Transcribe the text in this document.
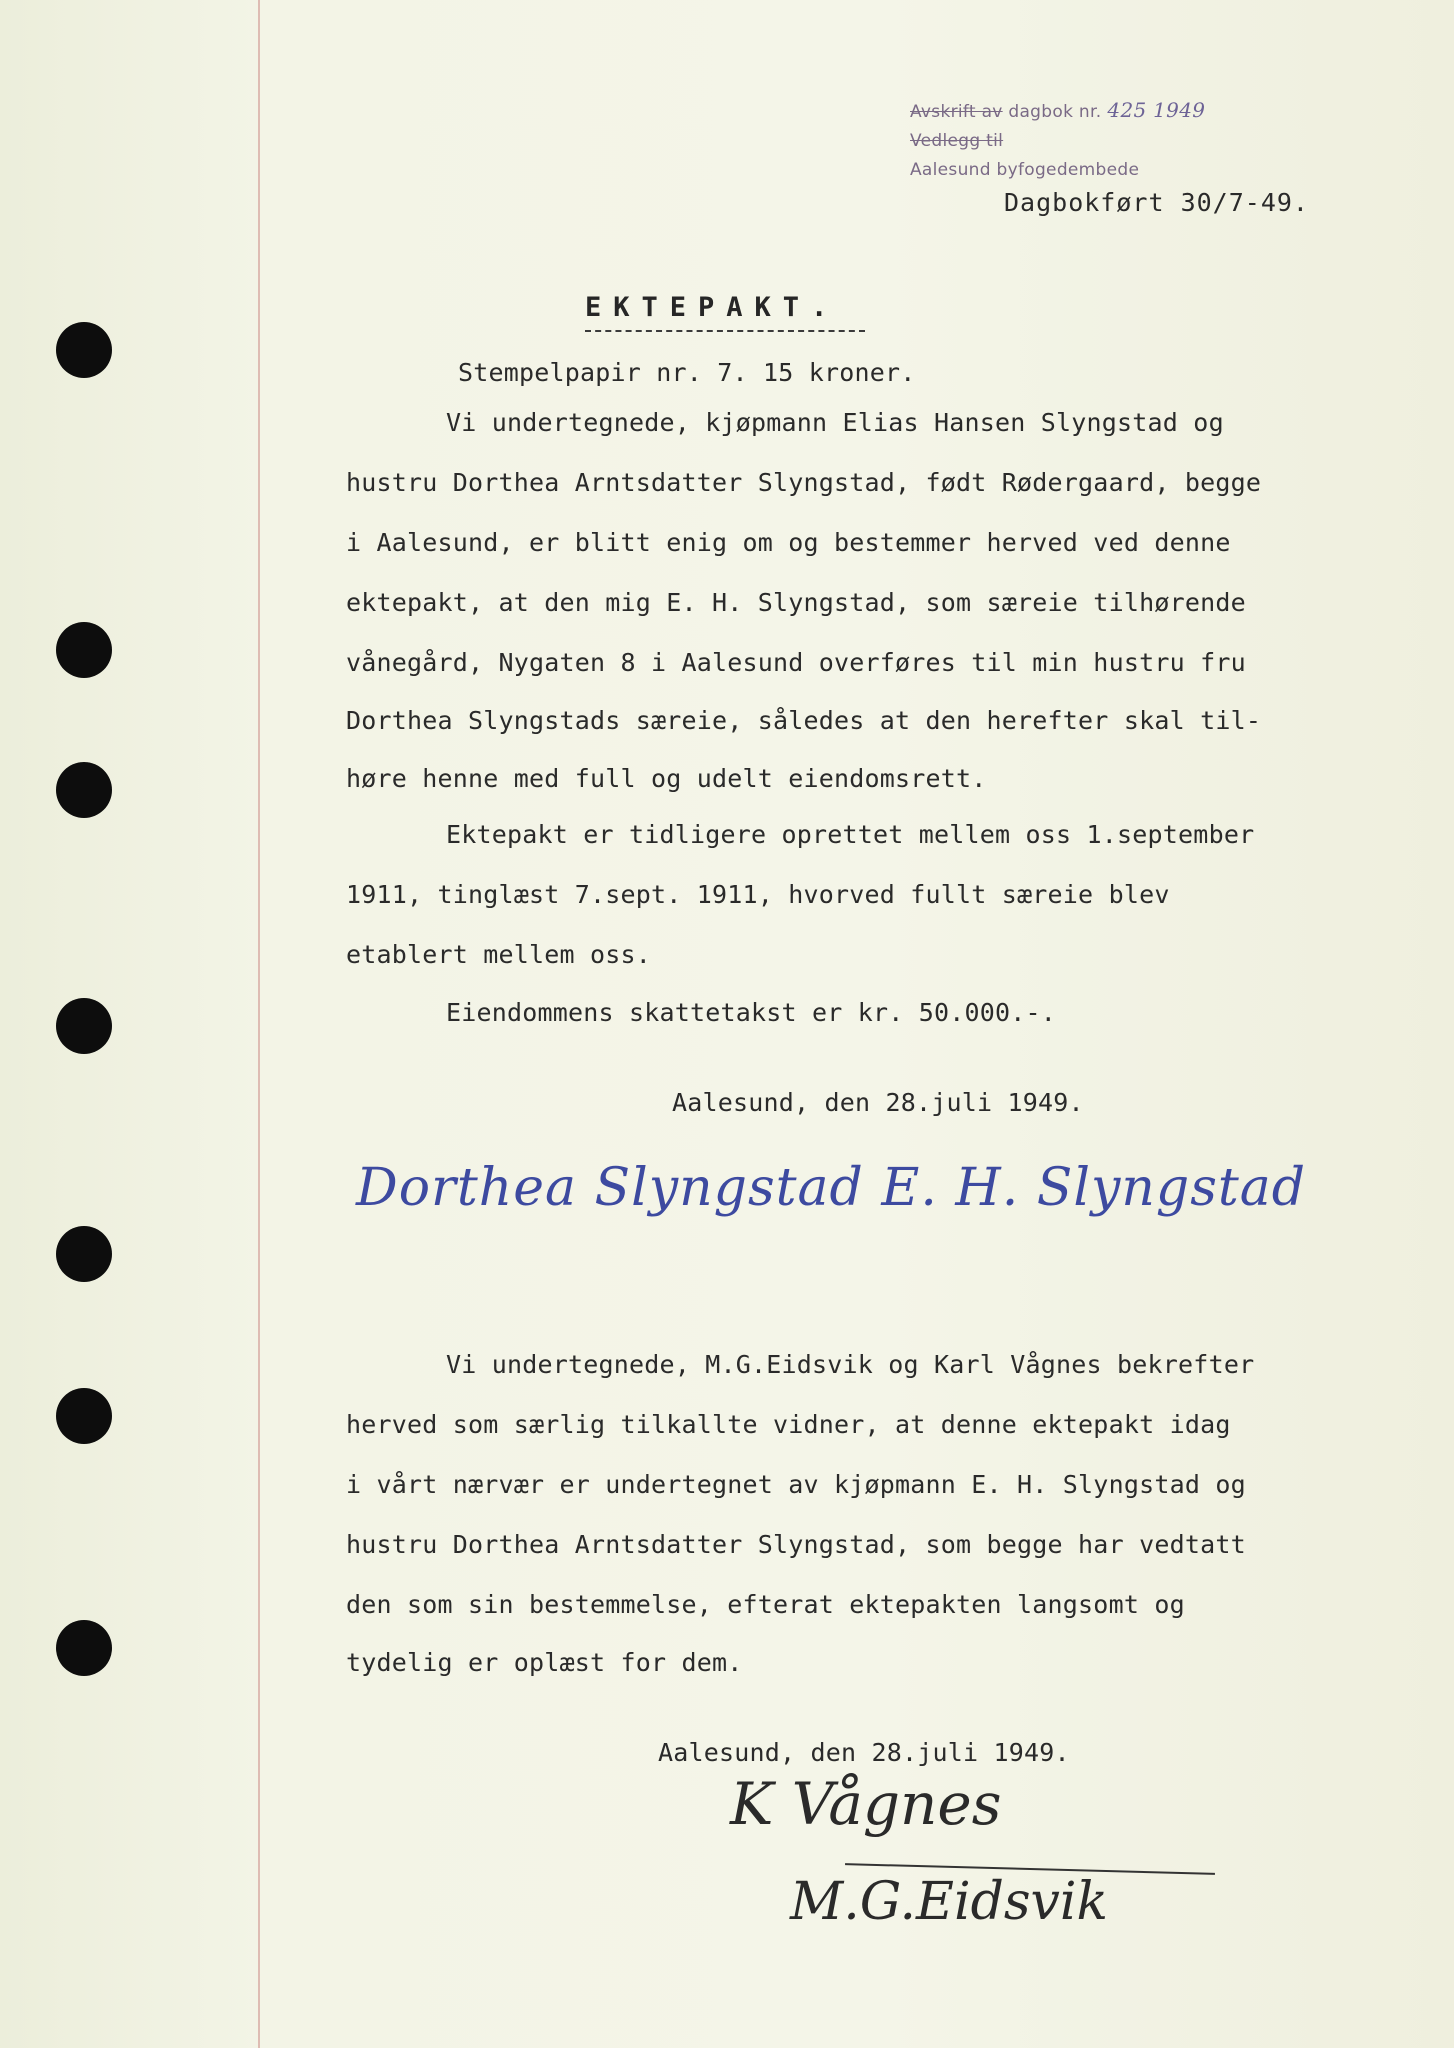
Avskrift av dagbok nr. 425 1949
Vedlegg til
Aalesund byfogedembede
Dagbokført 30/7-49.
EKTEPAKT.
Stempelpapir nr. 7. 15 kroner.
Vi undertegnede, kjøpmann Elias Hansen Slyngstad og
hustru Dorthea Arntsdatter Slyngstad, født Rødergaard, begge
i Aalesund, er blitt enig om og bestemmer herved ved denne
ektepakt, at den mig E. H. Slyngstad, som særeie tilhørende
vånegård, Nygaten 8 i Aalesund overføres til min hustru fru
Dorthea Slyngstads særeie, således at den herefter skal til-
høre henne med full og udelt eiendomsrett.
Ektepakt er tidligere oprettet mellem oss 1.september
1911, tinglæst 7.sept. 1911, hvorved fullt særeie blev
etablert mellem oss.
Eiendommens skattetakst er kr. 50.000.-.
Aalesund, den 28.juli 1949.
Dorthea Slyngstad E. H. Slyngstad
Vi undertegnede, M.G.Eidsvik og Karl Vågnes bekrefter
herved som særlig tilkallte vidner, at denne ektepakt idag
i vårt nærvær er undertegnet av kjøpmann E. H. Slyngstad og
hustru Dorthea Arntsdatter Slyngstad, som begge har vedtatt
den som sin bestemmelse, efterat ektepakten langsomt og
tydelig er oplæst for dem.
Aalesund, den 28.juli 1949.
K Vågnes
M.G.Eidsvik
